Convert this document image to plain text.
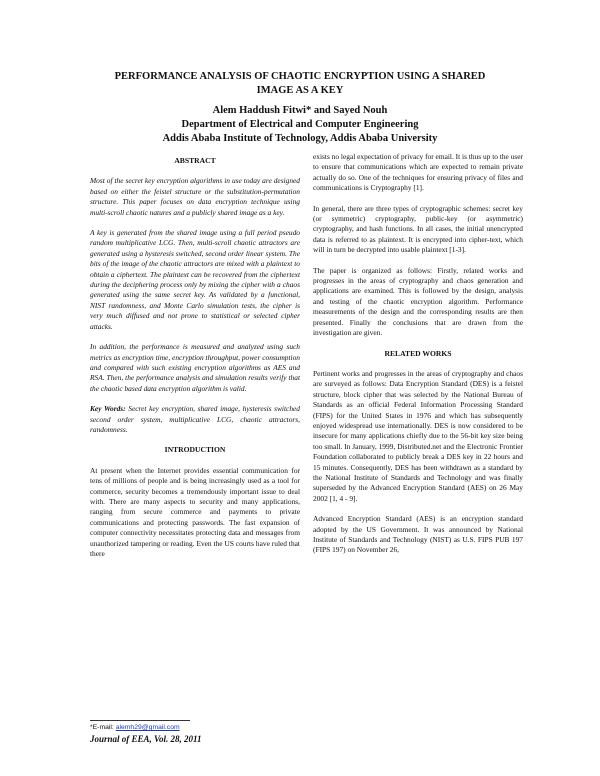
PERFORMANCE ANALYSIS OF CHAOTIC ENCRYPTION USING A SHARED
IMAGE AS A KEY
Alem Haddush Fitwi* and Sayed Nouh
Department of Electrical and Computer Engineering
Addis Ababa Institute of Technology, Addis Ababa University
ABSTRACT

Most of the secret key encryption algorithms in use today are designed based on either the feistel structure or the substitution-permutation structure. This paper focuses on data encryption technique using multi-scroll chaotic natures and a publicly shared image as a key.

A key is generated from the shared image using a full period pseudo random multiplicative LCG. Then, multi-scroll chaotic attractors are generated using a hysteresis switched, second order linear system. The bits of the image of the chaotic attractors are mixed with a plaintext to obtain a ciphertext. The plaintext can be recovered from the ciphertext during the deciphering process only by mixing the cipher with a chaos generated using the same secret key. As validated by a functional, NIST randomness, and Monte Carlo simulation tests, the cipher is very much diffused and not prone to statistical or selected cipher attacks.

In addition, the performance is measured and analyzed using such metrics as encryption time, encryption throughput, power consumption and compared with such existing encryption algorithms as AES and RSA. Then, the performance analysis and simulation results verify that the chaotic based data encryption algorithm is valid.

Key Words: Secret key encryption, shared image, hysteresis switched second order system, multiplicative LCG, chaotic attractors, randomness.

INTRODUCTION

At present when the Internet provides essential communication for tens of millions of people and is being increasingly used as a tool for commerce, security becomes a tremendously important issue to deal with. There are many aspects to security and many applications, ranging from secure commerce and payments to private communications and protecting passwords. The fast expansion of computer connectivity necessitates protecting data and messages from unauthorized tampering or reading. Even the US courts have ruled that there

exists no legal expectation of privacy for email. It is thus up to the user to ensure that communications which are expected to remain private actually do so. One of the techniques for ensuring privacy of files and communications is Cryptography [1].

In general, there are three types of cryptographic schemes: secret key (or symmetric) cryptography, public-key (or asymmetric) cryptography, and hash functions. In all cases, the initial unencrypted data is referred to as plaintext. It is encrypted into cipher-text, which will in turn be decrypted into usable plaintext [1-3].

The paper is organized as follows: Firstly, related works and progresses in the areas of cryptography and chaos generation and applications are examined. This is followed by the design, analysis and testing of the chaotic encryption algorithm. Performance measurements of the design and the corresponding results are then presented. Finally the conclusions that are drawn from the investigation are given.

RELATED WORKS

Pertinent works and progresses in the areas of cryptography and chaos are surveyed as follows: Data Encryption Standard (DES) is a feistel structure, block cipher that was selected by the National Bureau of Standards as an official Federal Information Processing Standard (FIPS) for the United States in 1976 and which has subsequently enjoyed widespread use internationally. DES is now considered to be insecure for many applications chiefly due to the 56-bit key size being too small. In January, 1999, Distributed.net and the Electronic Frontier Foundation collaborated to publicly break a DES key in 22 hours and 15 minutes. Consequently, DES has been withdrawn as a standard by the National Institute of Standards and Technology and was finally superseded by the Advanced Encryption Standard (AES) on 26 May 2002 [1, 4 - 9].

Advanced Encryption Standard (AES) is an encryption standard adopted by the US Government. It was announced by National Institute of Standards and Technology (NIST) as U.S. FIPS PUB 197 (FIPS 197) on November 26,

*E-mail: alemh29@gmail.com
Journal of EEA, Vol. 28, 2011
